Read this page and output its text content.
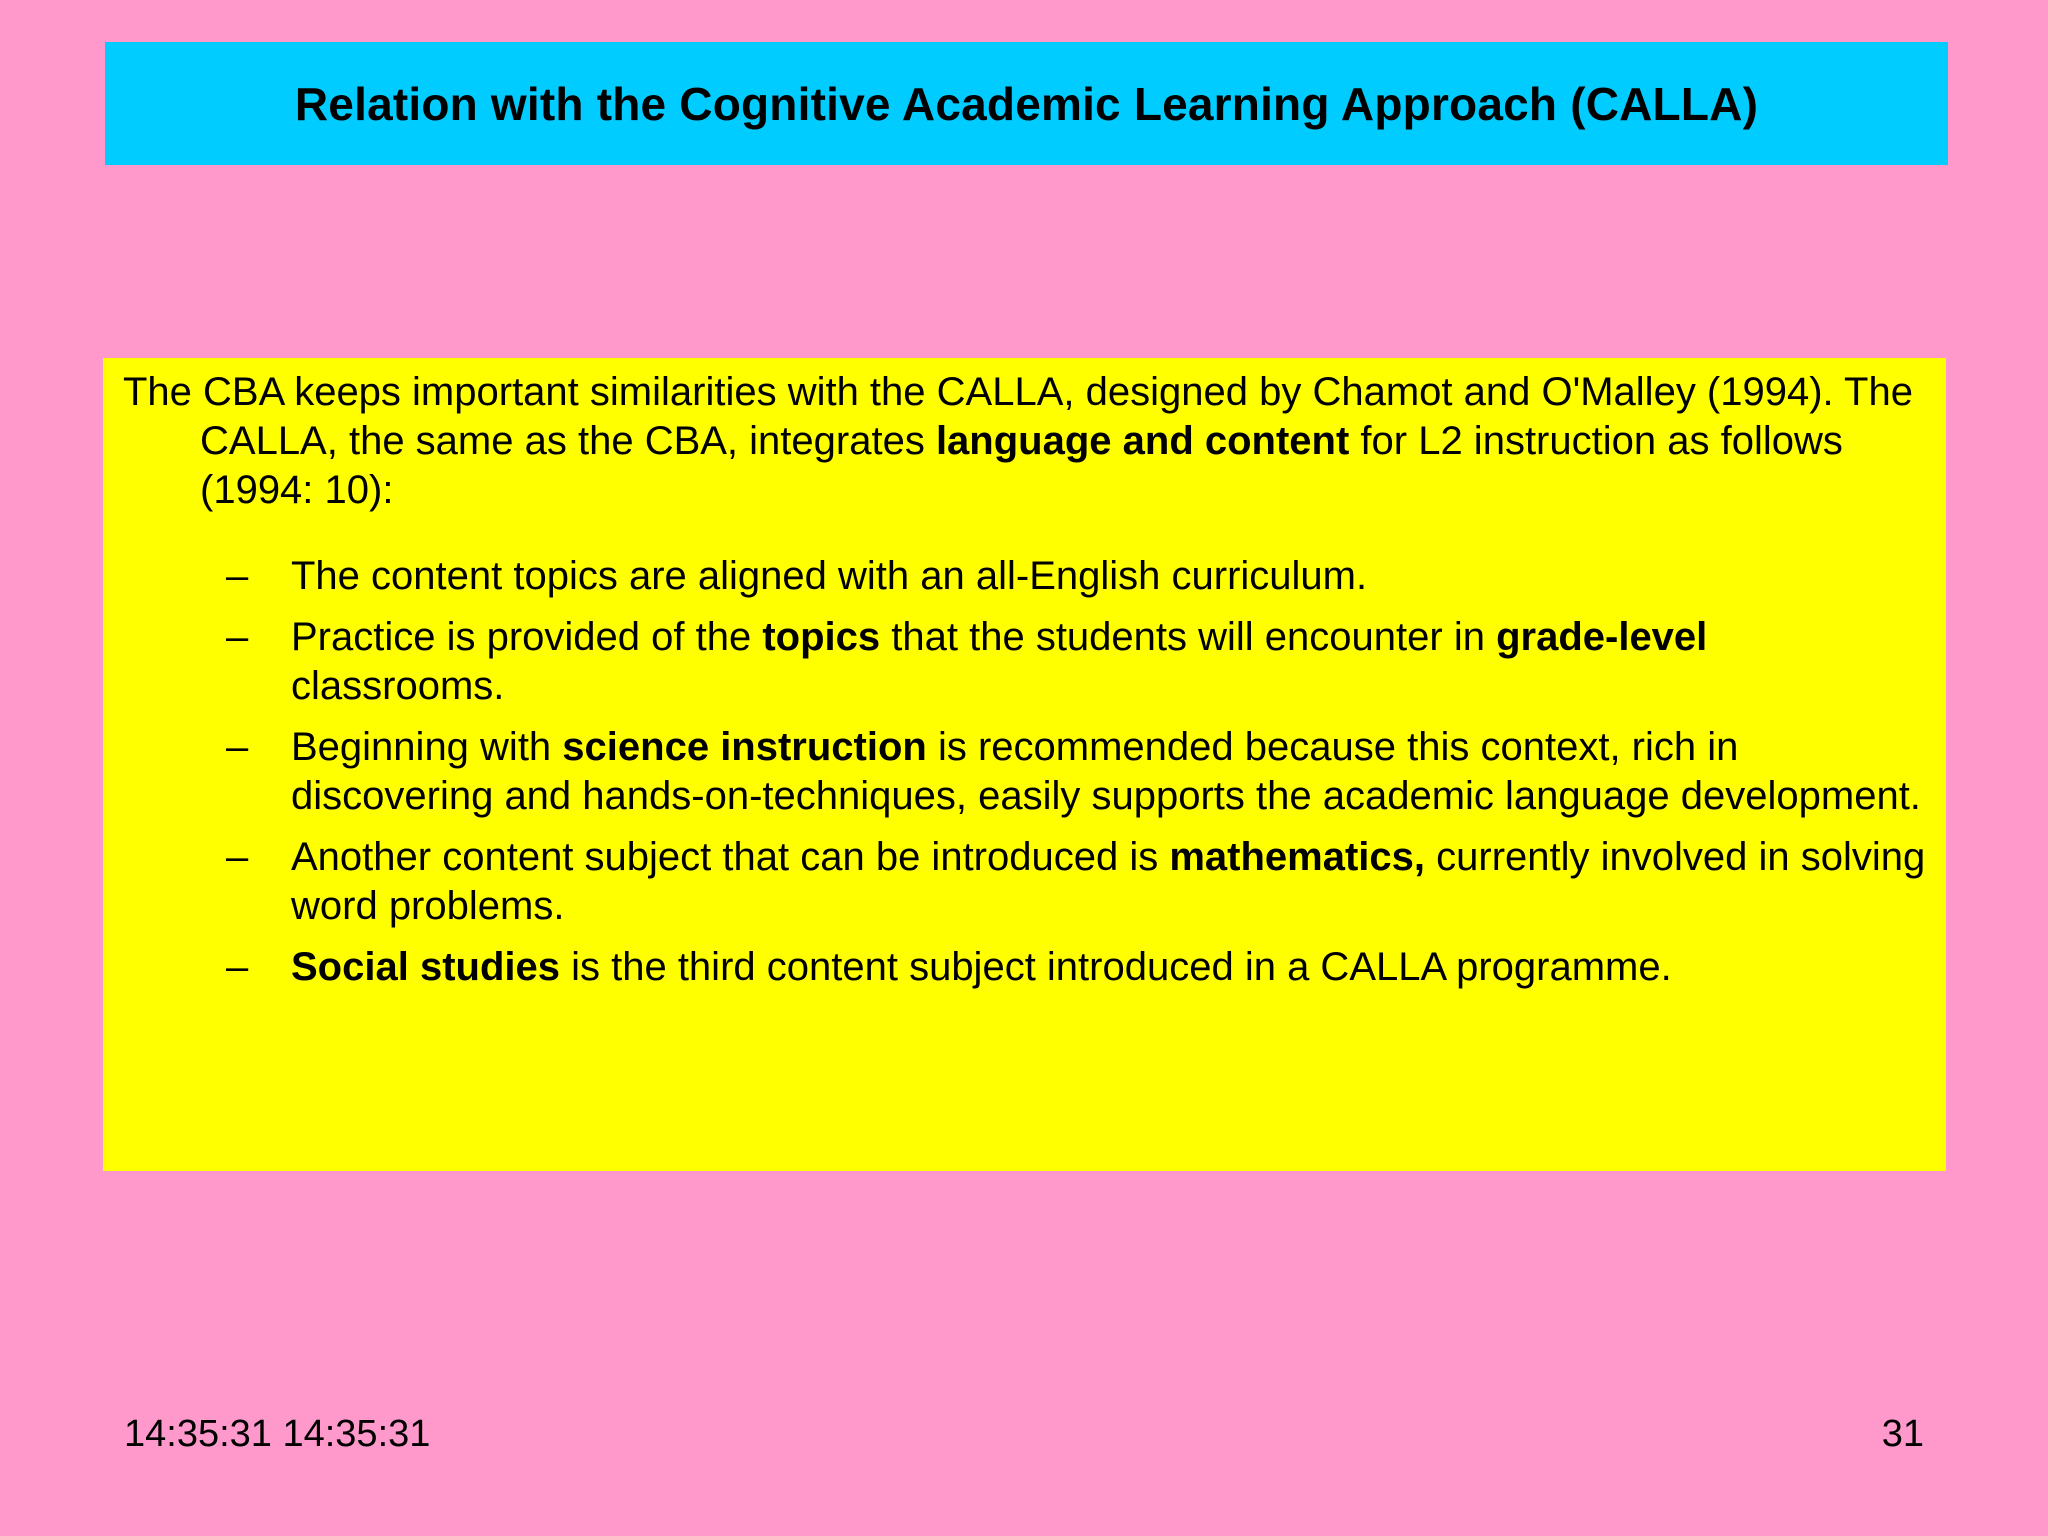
Relation with the Cognitive Academic Learning Approach (CALLA)

The CBA keeps important similarities with the CALLA, designed by Chamot and O'Malley (1994). The CALLA, the same as the CBA, integrates language and content for L2 instruction as follows (1994: 10):

– The content topics are aligned with an all-English curriculum.
– Practice is provided of the topics that the students will encounter in grade-level classrooms.
– Beginning with science instruction is recommended because this context, rich in discovering and hands-on-techniques, easily supports the academic language development.
– Another content subject that can be introduced is mathematics, currently involved in solving word problems.
– Social studies is the third content subject introduced in a CALLA programme.
14:35:31 14:35:31	31
